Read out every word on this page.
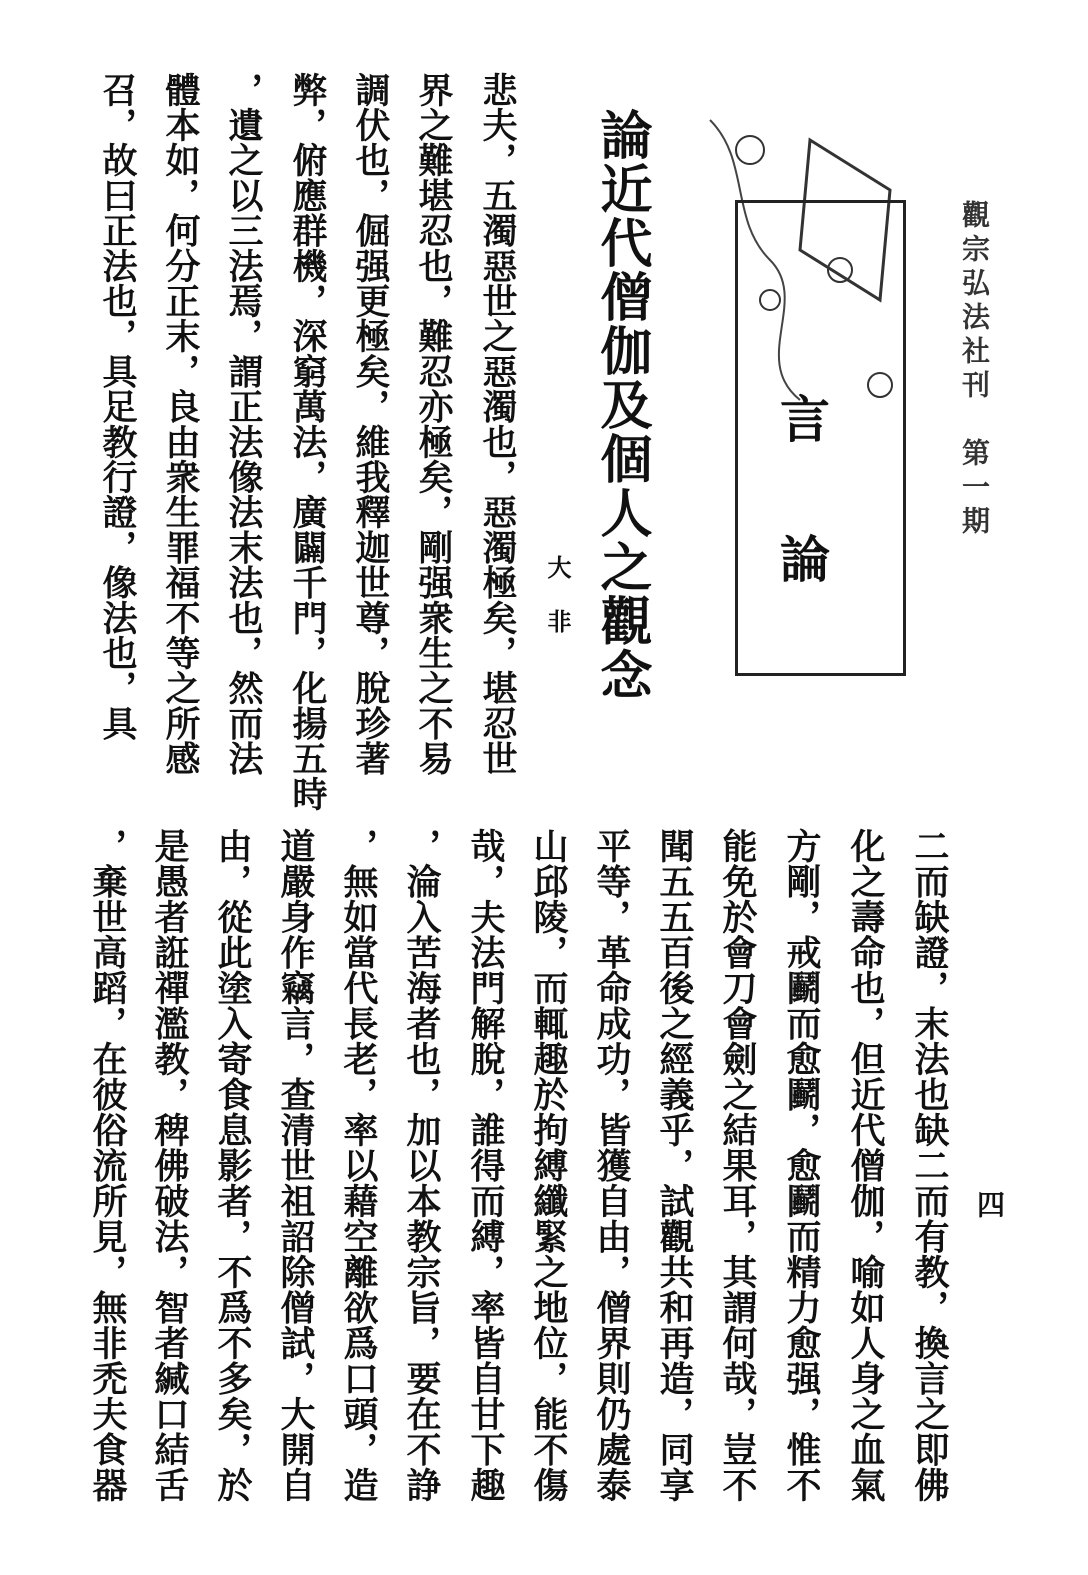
觀宗弘法社刊　第一期
四
言
論
論近代僧伽及個人之觀念
大非
悲夫，五濁惡世之惡濁也，惡濁極矣，堪忍世
界之難堪忍也，難忍亦極矣，剛强衆生之不易
調伏也，倔强更極矣，維我釋迦世尊，脫珍著
弊，俯應群機，深窮萬法，廣闢千門，化揚五時
，遺之以三法焉，謂正法像法末法也，然而法
體本如，何分正末，良由衆生罪福不等之所感
召，故曰正法也，具足教行證，像法也，具
二而缺證，末法也缺二而有教，換言之即佛
化之壽命也，但近代僧伽，喻如人身之血氣
方剛，戒鬬而愈鬬，愈鬬而精力愈强，惟不
能免於會刀會劍之結果耳，其謂何哉，豈不
聞五五百後之經義乎，試觀共和再造，同享
平等，革命成功，皆獲自由，僧界則仍處泰
山邱陵，而輒趣於拘縛纖緊之地位，能不傷
哉，夫法門解脫，誰得而縛，率皆自甘下趣
，淪入苦海者也，加以本教宗旨，要在不諍
，無如當代長老，率以藉空離欲爲口頭，造
道嚴身作竊言，查清世祖詔除僧試，大開自
由，從此塗入寄食息影者，不爲不多矣，於
是愚者誑禪濫教，稗佛破法，智者緘口結舌
，棄世高蹈，在彼俗流所見，無非禿夫食器
